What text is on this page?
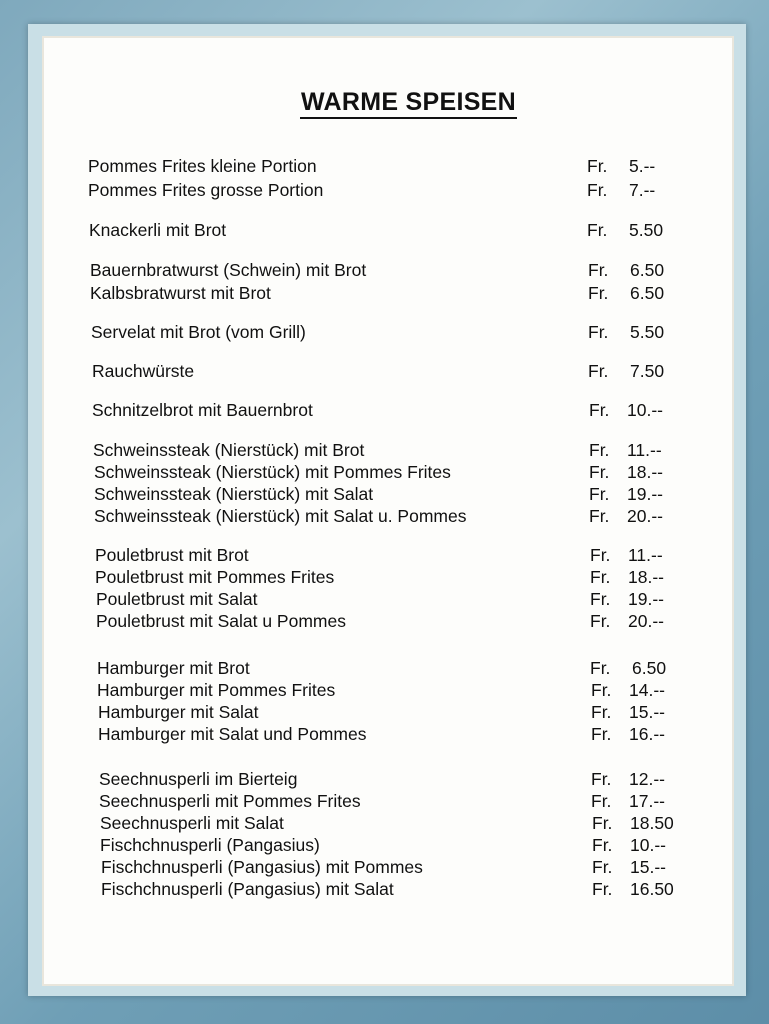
WARME SPEISEN
Pommes Frites kleine Portion	Fr. 5.--
Pommes Frites grosse Portion	Fr. 7.--
Knackerli mit Brot	Fr. 5.50
Bauernbratwurst (Schwein) mit Brot	Fr. 6.50
Kalbsbratwurst mit Brot	Fr. 6.50
Servelat mit Brot (vom Grill)	Fr. 5.50
Rauchwürste	Fr. 7.50
Schnitzelbrot mit Bauernbrot	Fr. 10.--
Schweinssteak (Nierstück) mit Brot	Fr. 11.--
Schweinssteak (Nierstück) mit Pommes Frites	Fr. 18.--
Schweinssteak (Nierstück) mit Salat	Fr. 19.--
Schweinssteak (Nierstück) mit Salat u. Pommes	Fr. 20.--
Pouletbrust mit Brot	Fr. 11.--
Pouletbrust mit Pommes Frites	Fr. 18.--
Pouletbrust mit Salat	Fr. 19.--
Pouletbrust mit Salat u Pommes	Fr. 20.--
Hamburger mit Brot	Fr. 6.50
Hamburger mit Pommes Frites	Fr. 14.--
Hamburger mit Salat	Fr. 15.--
Hamburger mit Salat und Pommes	Fr. 16.--
Seechnusperli im Bierteig	Fr. 12.--
Seechnusperli mit Pommes Frites	Fr. 17.--
Seechnusperli mit Salat	Fr. 18.50
Fischchnusperli (Pangasius)	Fr. 10.--
Fischchnusperli (Pangasius) mit Pommes	Fr. 15.--
Fischchnusperli (Pangasius) mit Salat	Fr. 16.50
